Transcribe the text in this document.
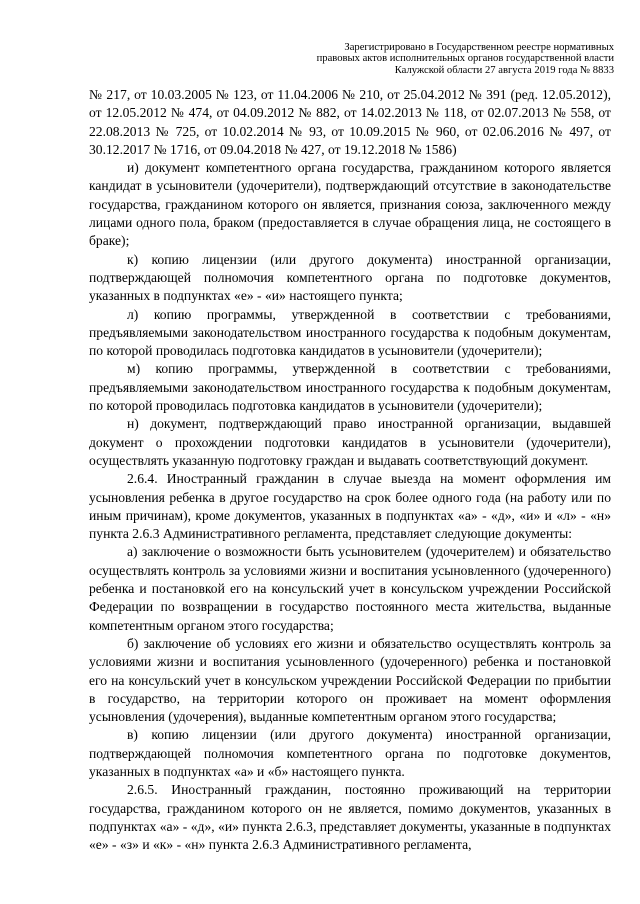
Зарегистрировано в Государственном реестре нормативных
правовых актов исполнительных органов государственной власти
Калужской области 27 августа 2019 года № 8833

№ 217, от 10.03.2005 № 123, от 11.04.2006 № 210, от 25.04.2012 № 391 (ред. 12.05.2012), от 12.05.2012 № 474, от 04.09.2012 № 882, от 14.02.2013 № 118, от 02.07.2013 № 558, от 22.08.2013 № 725, от 10.02.2014 № 93, от 10.09.2015 № 960, от 02.06.2016 № 497, от 30.12.2017 № 1716, от 09.04.2018 № 427, от 19.12.2018 № 1586)

и) документ компетентного органа государства, гражданином которого является кандидат в усыновители (удочерители), подтверждающий отсутствие в законодательстве государства, гражданином которого он является, признания союза, заключенного между лицами одного пола, браком (предоставляется в случае обращения лица, не состоящего в браке);

к) копию лицензии (или другого документа) иностранной организации, подтверждающей полномочия компетентного органа по подготовке документов, указанных в подпунктах «е» - «и» настоящего пункта;

л) копию программы, утвержденной в соответствии с требованиями, предъявляемыми законодательством иностранного государства к подобным документам, по которой проводилась подготовка кандидатов в усыновители (удочерители);

м) копию программы, утвержденной в соответствии с требованиями, предъявляемыми законодательством иностранного государства к подобным документам, по которой проводилась подготовка кандидатов в усыновители (удочерители);

н) документ, подтверждающий право иностранной организации, выдавшей документ о прохождении подготовки кандидатов в усыновители (удочерители), осуществлять указанную подготовку граждан и выдавать соответствующий документ.

2.6.4. Иностранный гражданин в случае выезда на момент оформления им усыновления ребенка в другое государство на срок более одного года (на работу или по иным причинам), кроме документов, указанных в подпунктах «а» - «д», «и» и «л» - «н» пункта 2.6.3 Административного регламента, представляет следующие документы:

а) заключение о возможности быть усыновителем (удочерителем) и обязательство осуществлять контроль за условиями жизни и воспитания усыновленного (удочеренного) ребенка и постановкой его на консульский учет в консульском учреждении Российской Федерации по возвращении в государство постоянного места жительства, выданные компетентным органом этого государства;

б) заключение об условиях его жизни и обязательство осуществлять контроль за условиями жизни и воспитания усыновленного (удочеренного) ребенка и постановкой его на консульский учет в консульском учреждении Российской Федерации по прибытии в государство, на территории которого он проживает на момент оформления усыновления (удочерения), выданные компетентным органом этого государства;

в) копию лицензии (или другого документа) иностранной организации, подтверждающей полномочия компетентного органа по подготовке документов, указанных в подпунктах «а» и «б» настоящего пункта.

2.6.5. Иностранный гражданин, постоянно проживающий на территории государства, гражданином которого он не является, помимо документов, указанных в подпунктах «а» - «д», «и» пункта 2.6.3, представляет документы, указанные в подпунктах «е» - «з» и «к» - «н» пункта 2.6.3 Административного регламента,
